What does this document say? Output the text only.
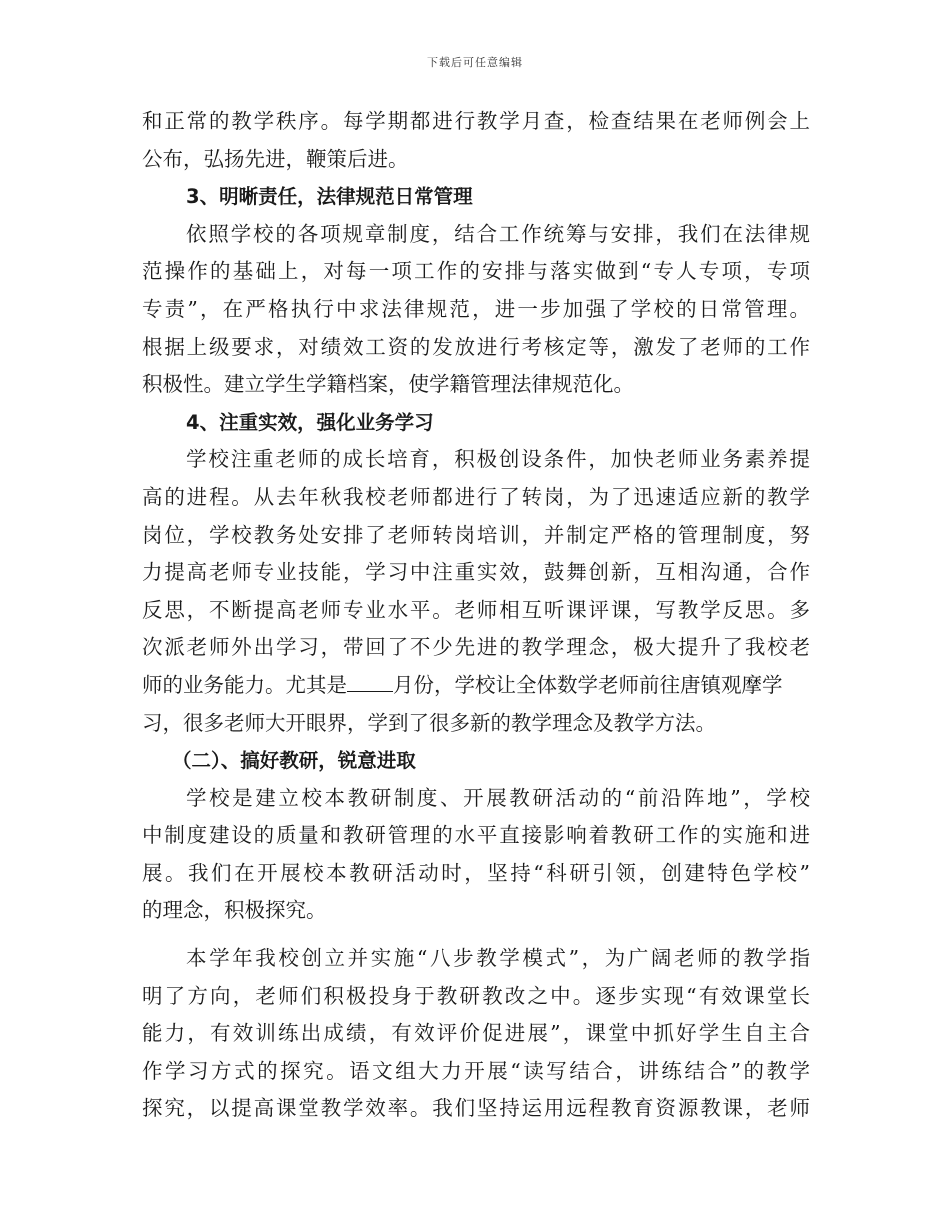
下载后可任意编辑
和正常的教学秩序。每学期都进行教学月查，检查结果在老师例会上
公布，弘扬先进，鞭策后进。
3、明晰责任，法律规范日常管理
依照学校的各项规章制度，结合工作统筹与安排，我们在法律规
范操作的基础上，对每一项工作的安排与落实做到“专人专项，专项
专责”，在严格执行中求法律规范，进一步加强了学校的日常管理。
根据上级要求，对绩效工资的发放进行考核定等，激发了老师的工作
积极性。建立学生学籍档案，使学籍管理法律规范化。
4、注重实效，强化业务学习
学校注重老师的成长培育，积极创设条件，加快老师业务素养提
高的进程。从去年秋我校老师都进行了转岗，为了迅速适应新的教学
岗位，学校教务处安排了老师转岗培训，并制定严格的管理制度，努
力提高老师专业技能，学习中注重实效，鼓舞创新，互相沟通，合作
反思，不断提高老师专业水平。老师相互听课评课，写教学反思。多
次派老师外出学习，带回了不少先进的教学理念，极大提升了我校老
师的业务能力。尤其是 月份，学校让全体数学老师前往唐镇观摩学
习，很多老师大开眼界，学到了很多新的教学理念及教学方法。
（二）、搞好教研，锐意进取
学校是建立校本教研制度、开展教研活动的“前沿阵地”，学校
中制度建设的质量和教研管理的水平直接影响着教研工作的实施和进
展。我们在开展校本教研活动时，坚持“科研引领，创建特色学校”
的理念，积极探究。
本学年我校创立并实施“八步教学模式”，为广阔老师的教学指
明了方向，老师们积极投身于教研教改之中。逐步实现“有效课堂长
能力，有效训练出成绩，有效评价促进展”，课堂中抓好学生自主合
作学习方式的探究。语文组大力开展“读写结合，讲练结合”的教学
探究，以提高课堂教学效率。我们坚持运用远程教育资源教课，老师
